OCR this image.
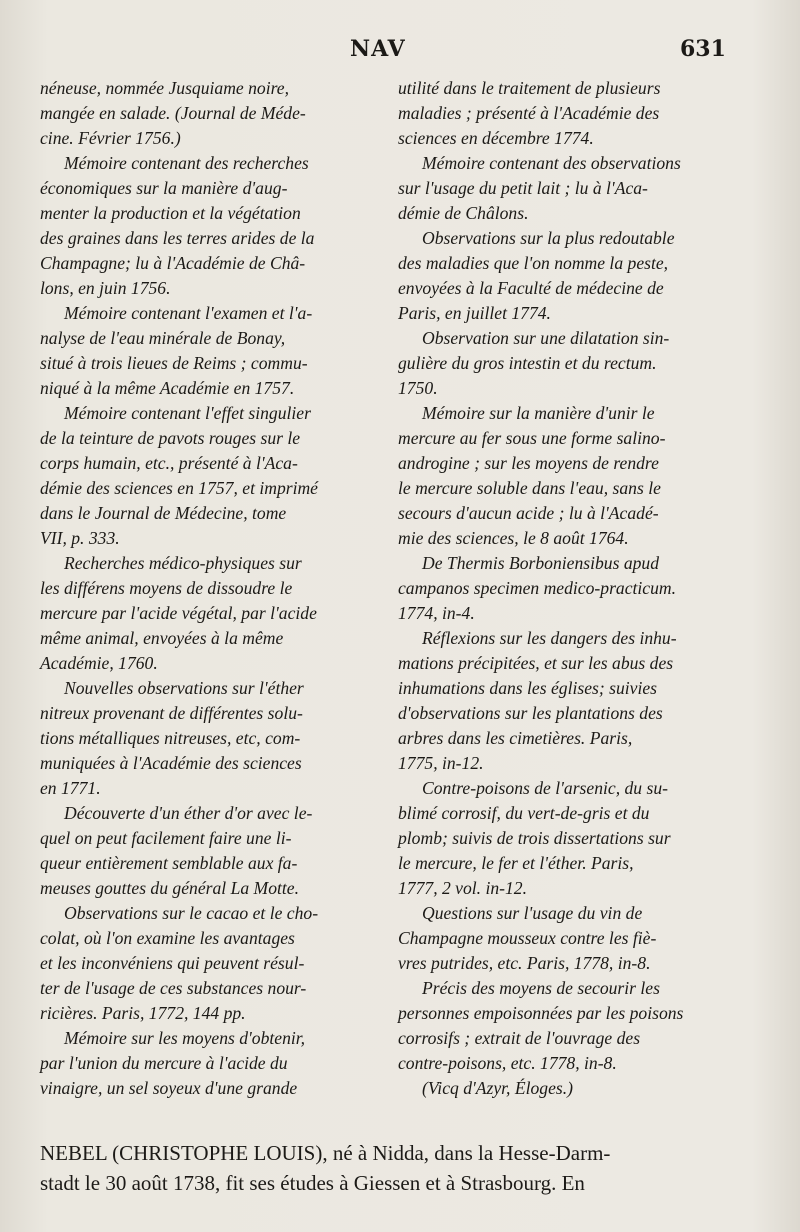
NAV	631
néneuse, nommée Jusquiame noire,
mangée en salade. (Journal de Méde-
cine. Février 1756.)
Mémoire contenant des recherches
économiques sur la manière d'aug-
menter la production et la végétation
des graines dans les terres arides de la
Champagne; lu à l'Académie de Châ-
lons, en juin 1756.
Mémoire contenant l'examen et l'a-
nalyse de l'eau minérale de Bonay,
situé à trois lieues de Reims ; commu-
niqué à la même Académie en 1757.
Mémoire contenant l'effet singulier
de la teinture de pavots rouges sur le
corps humain, etc., présenté à l'Aca-
démie des sciences en 1757, et imprimé
dans le Journal de Médecine, tome
VII, p. 333.
Recherches médico-physiques sur
les différens moyens de dissoudre le
mercure par l'acide végétal, par l'acide
même animal, envoyées à la même
Académie, 1760.
Nouvelles observations sur l'éther
nitreux provenant de différentes solu-
tions métalliques nitreuses, etc, com-
muniquées à l'Académie des sciences
en 1771.
Découverte d'un éther d'or avec le-
quel on peut facilement faire une li-
queur entièrement semblable aux fa-
meuses gouttes du général La Motte.
Observations sur le cacao et le cho-
colat, où l'on examine les avantages
et les inconvéniens qui peuvent résul-
ter de l'usage de ces substances nour-
ricières. Paris, 1772, 144 pp.
Mémoire sur les moyens d'obtenir,
par l'union du mercure à l'acide du
vinaigre, un sel soyeux d'une grande
utilité dans le traitement de plusieurs
maladies ; présenté à l'Académie des
sciences en décembre 1774.
Mémoire contenant des observations
sur l'usage du petit lait ; lu à l'Aca-
démie de Châlons.
Observations sur la plus redoutable
des maladies que l'on nomme la peste,
envoyées à la Faculté de médecine de
Paris, en juillet 1774.
Observation sur une dilatation sin-
gulière du gros intestin et du rectum.
1750.
Mémoire sur la manière d'unir le
mercure au fer sous une forme salino-
androgine ; sur les moyens de rendre
le mercure soluble dans l'eau, sans le
secours d'aucun acide ; lu à l'Acadé-
mie des sciences, le 8 août 1764.
De Thermis Borboniensibus apud
campanos specimen medico-practicum.
1774, in-4.
Réflexions sur les dangers des inhu-
mations précipitées, et sur les abus des
inhumations dans les églises; suivies
d'observations sur les plantations des
arbres dans les cimetières. Paris,
1775, in-12.
Contre-poisons de l'arsenic, du su-
blimé corrosif, du vert-de-gris et du
plomb; suivis de trois dissertations sur
le mercure, le fer et l'éther. Paris,
1777, 2 vol. in-12.
Questions sur l'usage du vin de
Champagne mousseux contre les fiè-
vres putrides, etc. Paris, 1778, in-8.
Précis des moyens de secourir les
personnes empoisonnées par les poisons
corrosifs ; extrait de l'ouvrage des
contre-poisons, etc. 1778, in-8.
(Vicq d'Azyr, Éloges.)
NEBEL (CHRISTOPHE LOUIS), né à Nidda, dans la Hesse-Darm-
stadt le 30 août 1738, fit ses études à Giessen et à Strasbourg. En
